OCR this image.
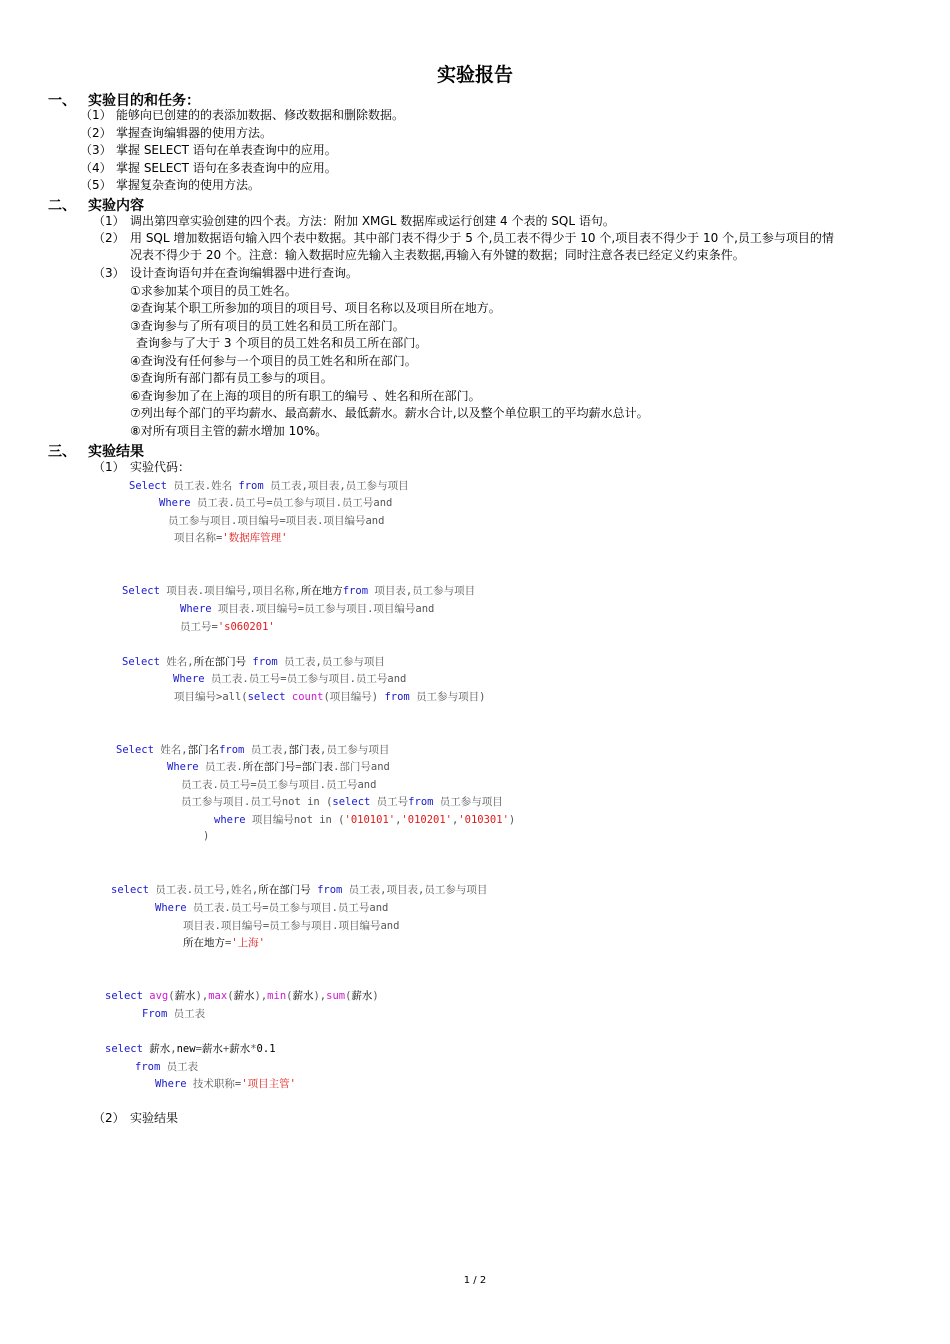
实验报告
一、 实验目的和任务：
（1） 能够向已创建的的表添加数据、修改数据和删除数据。
（2） 掌握查询编辑器的使用方法。
（3） 掌握 SELECT 语句在单表查询中的应用。
（4） 掌握 SELECT 语句在多表查询中的应用。
（5） 掌握复杂查询的使用方法。
二、 实验内容
（1） 调出第四章实验创建的四个表。方法：附加 XMGL 数据库或运行创建 4 个表的 SQL 语句。
（2） 用 SQL 增加数据语句输入四个表中数据。其中部门表不得少于 5 个,员工表不得少于 10 个,项目表不得少于 10 个,员工参与项目的情
况表不得少于 20 个。注意：输入数据时应先输入主表数据,再输入有外键的数据；同时注意各表已经定义约束条件。
（3） 设计查询语句并在查询编辑器中进行查询。
①求参加某个项目的员工姓名。
②查询某个职工所参加的项目的项目号、项目名称以及项目所在地方。
③查询参与了所有项目的员工姓名和员工所在部门。
查询参与了大于 3 个项目的员工姓名和员工所在部门。
④查询没有任何参与一个项目的员工姓名和所在部门。
⑤查询所有部门都有员工参与的项目。
⑥查询参加了在上海的项目的所有职工的编号 、姓名和所在部门。
⑦列出每个部门的平均薪水、最高薪水、最低薪水。薪水合计,以及整个单位职工的平均薪水总计。
⑧对所有项目主管的薪水增加 10%。
三、 实验结果
（1） 实验代码：
Select 员工表.姓名 from 员工表,项目表,员工参与项目
Where 员工表.员工号=员工参与项目.员工号and
员工参与项目.项目编号=项目表.项目编号and
项目名称='数据库管理'
Select 项目表.项目编号,项目名称,所在地方from 项目表,员工参与项目
Where 项目表.项目编号=员工参与项目.项目编号and
员工号='s060201'
Select 姓名,所在部门号 from 员工表,员工参与项目
Where 员工表.员工号=员工参与项目.员工号and
项目编号>all(select count(项目编号) from 员工参与项目)
Select 姓名,部门名from 员工表,部门表,员工参与项目
Where 员工表.所在部门号=部门表.部门号and
员工表.员工号=员工参与项目.员工号and
员工参与项目.员工号not in (select 员工号from 员工参与项目
where 项目编号not in ('010101','010201','010301')
)
select 员工表.员工号,姓名,所在部门号 from 员工表,项目表,员工参与项目
Where 员工表.员工号=员工参与项目.员工号and
项目表.项目编号=员工参与项目.项目编号and
所在地方='上海'
select avg(薪水),max(薪水),min(薪水),sum(薪水)
From 员工表
select 薪水,new=薪水+薪水*0.1
from 员工表
Where 技术职称='项目主管'
（2） 实验结果
1 / 2
